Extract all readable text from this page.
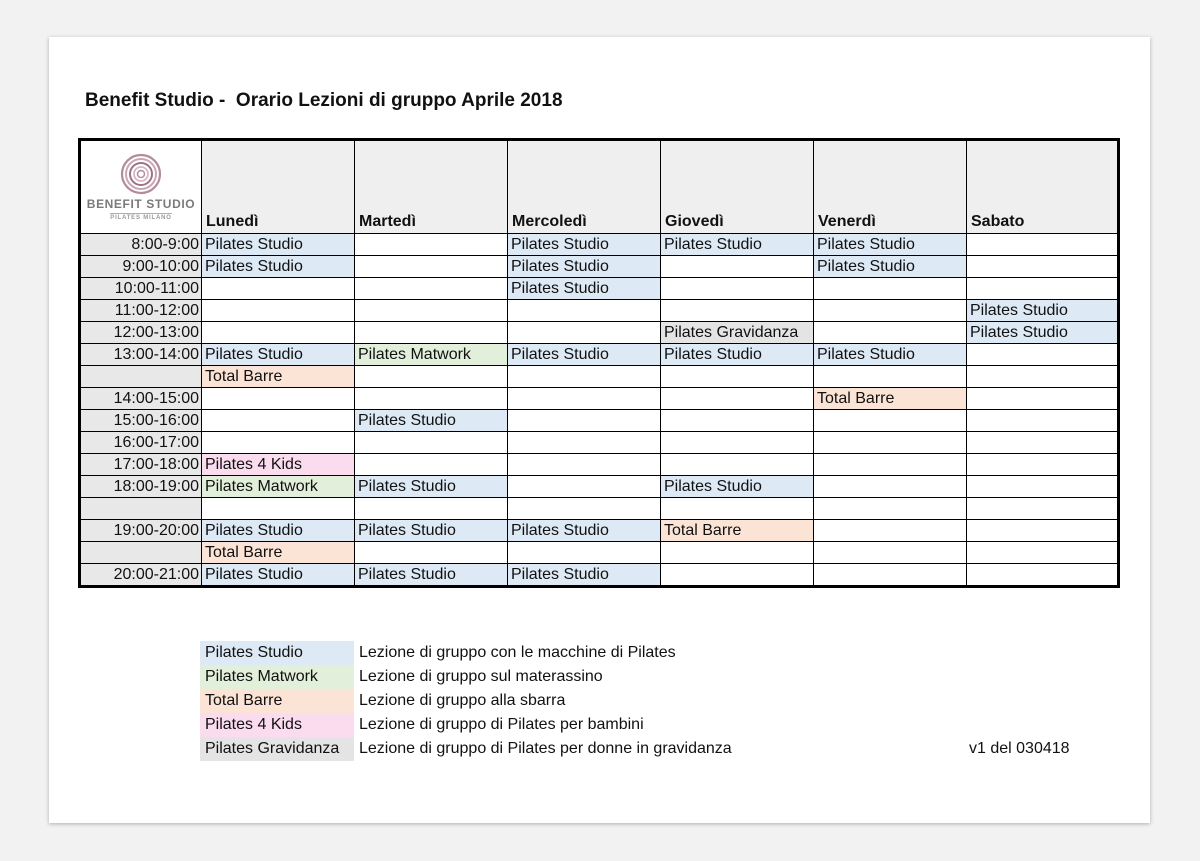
Benefit Studio -  Orario Lezioni di gruppo Aprile 2018
BENEFIT STUDIO
PILATES MILANO	Lunedì	Martedì	Mercoledì	Giovedì	Venerdì	Sabato
8:00-9:00	Pilates Studio		Pilates Studio	Pilates Studio	Pilates Studio	
9:00-10:00	Pilates Studio		Pilates Studio		Pilates Studio	
10:00-11:00			Pilates Studio			
11:00-12:00						Pilates Studio
12:00-13:00				Pilates Gravidanza		Pilates Studio
13:00-14:00	Pilates Studio	Pilates Matwork	Pilates Studio	Pilates Studio	Pilates Studio	
	Total Barre					
14:00-15:00					Total Barre	
15:00-16:00		Pilates Studio				
16:00-17:00						
17:00-18:00	Pilates 4 Kids					
18:00-19:00	Pilates Matwork	Pilates Studio		Pilates Studio		

19:00-20:00	Pilates Studio	Pilates Studio	Pilates Studio	Total Barre		
	Total Barre					
20:00-21:00	Pilates Studio	Pilates Studio	Pilates Studio			
Pilates Studio	Lezione di gruppo con le macchine di Pilates
Pilates Matwork	Lezione di gruppo sul materassino
Total Barre	Lezione di gruppo alla sbarra
Pilates 4 Kids	Lezione di gruppo di Pilates per bambini
Pilates Gravidanza	Lezione di gruppo di Pilates per donne in gravidanza	v1 del 030418
